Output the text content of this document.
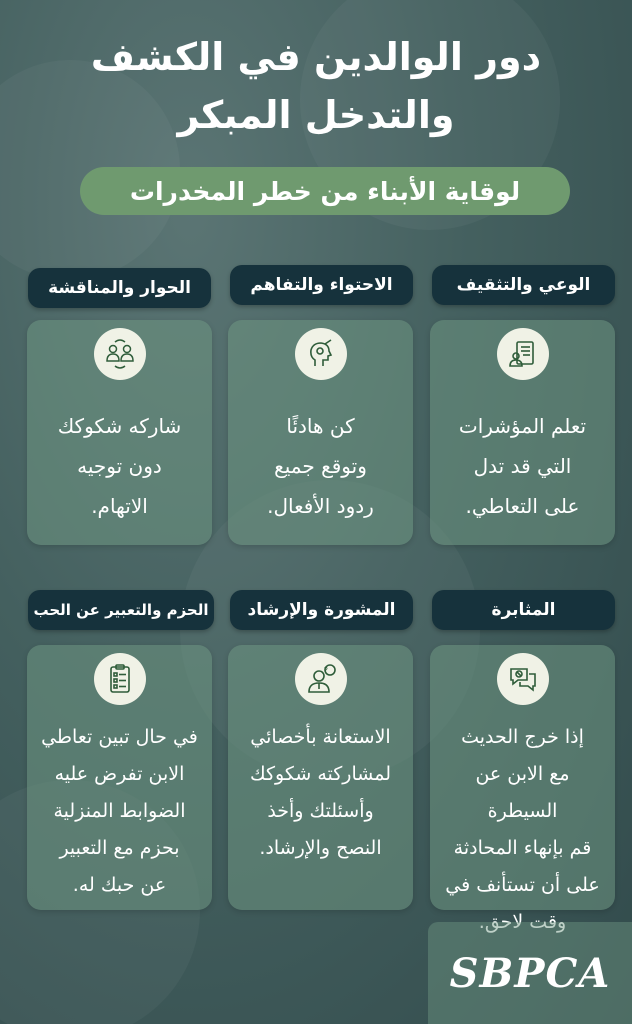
دور الوالدين في الكشف
والتدخل المبكر
لوقاية الأبناء من خطر المخدرات
الوعي والتثقيف
الاحتواء والتفاهم
الحوار والمناقشة
تعلم المؤشرات
التي قد تدل
على التعاطي.
كن هادئًا
وتوقع جميع
ردود الأفعال.
شاركه شكوكك
دون توجيه
الاتهام.
المثابرة
المشورة والإرشاد
الحزم والتعبير عن الحب
إذا خرج الحديث
مع الابن عن السيطرة
قم بإنهاء المحادثة
على أن تستأنف في
وقت لاحق.
?
الاستعانة بأخصائي
لمشاركته شكوكك
وأسئلتك وأخذ
النصح والإرشاد.
في حال تبين تعاطي
الابن تفرض عليه
الضوابط المنزلية
بحزم مع التعبير
عن حبك له.
SBPCA
